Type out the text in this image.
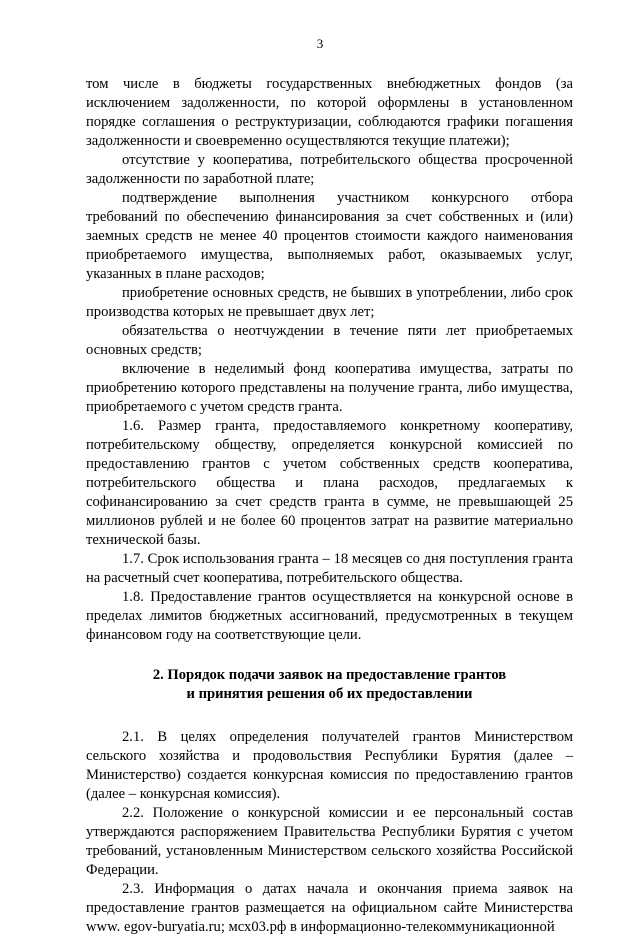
3

том числе в бюджеты государственных внебюджетных фондов (за исключением задолженности, по которой оформлены в установленном порядке соглашения о реструктуризации, соблюдаются графики погашения задолженности и своевременно осуществляются текущие платежи);

отсутствие у кооператива, потребительского общества просроченной задолженности по заработной плате;

подтверждение выполнения участником конкурсного отбора требований по обеспечению финансирования за счет собственных и (или) заемных средств не менее 40 процентов стоимости каждого наименования приобретаемого имущества, выполняемых работ, оказываемых услуг, указанных в плане расходов;

приобретение основных средств, не бывших в употреблении, либо срок производства которых не превышает двух лет;

обязательства о неотчуждении в течение пяти лет приобретаемых основных средств;

включение в неделимый фонд кооператива имущества, затраты по приобретению которого представлены на получение гранта, либо имущества, приобретаемого с учетом средств гранта.

1.6. Размер гранта, предоставляемого конкретному кооперативу, потребительскому обществу, определяется конкурсной комиссией по предоставлению грантов с учетом собственных средств кооператива, потребительского общества и плана расходов, предлагаемых к софинансированию за счет средств гранта в сумме, не превышающей 25 миллионов рублей и не более 60 процентов затрат на развитие материально технической базы.

1.7. Срок использования гранта – 18 месяцев со дня поступления гранта на расчетный счет кооператива, потребительского общества.

1.8. Предоставление грантов осуществляется на конкурсной основе в пределах лимитов бюджетных ассигнований, предусмотренных в текущем финансовом году на соответствующие цели.

2. Порядок подачи заявок на предоставление грантов
и принятия решения об их предоставлении

2.1. В целях определения получателей грантов Министерством сельского хозяйства и продовольствия Республики Бурятия (далее – Министерство) создается конкурсная комиссия по предоставлению грантов (далее – конкурсная комиссия).

2.2. Положение о конкурсной комиссии и ее персональный состав утверждаются распоряжением Правительства Республики Бурятия с учетом требований, установленным Министерством сельского хозяйства Российской Федерации.

2.3. Информация о датах начала и окончания приема заявок на предоставление грантов размещается на официальном сайте Министерства www. egov-buryatia.ru; мсх03.рф в информационно-телекоммуникационной
